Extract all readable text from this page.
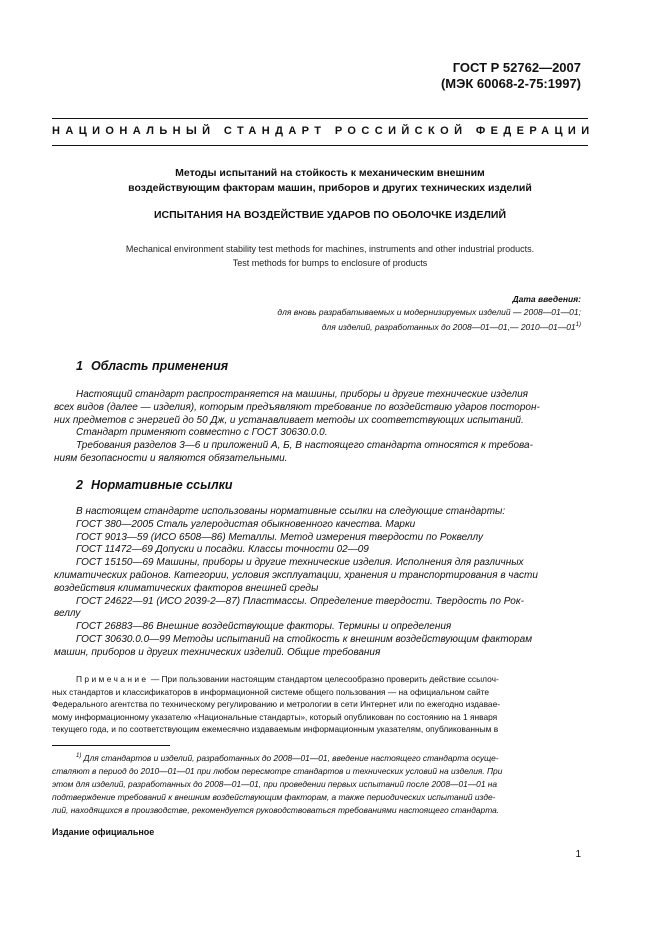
ГОСТ Р 52762—2007
(МЭК 60068-2-75:1997)
НАЦИОНАЛЬНЫЙ СТАНДАРТ РОССИЙСКОЙ ФЕДЕРАЦИИ
Методы испытаний на стойкость к механическим внешним
воздействующим факторам машин, приборов и других технических изделий
ИСПЫТАНИЯ НА ВОЗДЕЙСТВИЕ УДАРОВ ПО ОБОЛОЧКЕ ИЗДЕЛИЙ
Mechanical environment stability test methods for machines, instruments and other industrial products.
Test methods for bumps to enclosure of products
Дата введения:
для вновь разрабатываемых и модернизируемых изделий — 2008—01—01;
для изделий, разработанных до 2008—01—01,— 2010—01—01$^{1)}$
1 Область применения
Настоящий стандарт распространяется на машины, приборы и другие технические изделия
всех видов (далее — изделия), которым предъявляют требование по воздействию ударов посторон-
них предметов с энергией до 50 Дж, и устанавливает методы их соответствующих испытаний.
Стандарт применяют совместно с ГОСТ 30630.0.0.
Требования разделов 3—6 и приложений А, Б, В настоящего стандарта относятся к требова-
ниям безопасности и являются обязательными.
2 Нормативные ссылки
В настоящем стандарте использованы нормативные ссылки на следующие стандарты:
ГОСТ 380—2005 Сталь углеродистая обыкновенного качества. Марки
ГОСТ 9013—59 (ИСО 6508—86) Металлы. Метод измерения твердости по Роквеллу
ГОСТ 11472—69 Допуски и посадки. Классы точности 02—09
ГОСТ 15150—69 Машины, приборы и другие технические изделия. Исполнения для различных
климатических районов. Категории, условия эксплуатации, хранения и транспортирования в части
воздействия климатических факторов внешней среды
ГОСТ 24622—91 (ИСО 2039-2—87) Пластмассы. Определение твердости. Твердость по Рок-
веллу
ГОСТ 26883—86 Внешние воздействующие факторы. Термины и определения
ГОСТ 30630.0.0—99 Методы испытаний на стойкость к внешним воздействующим факторам
машин, приборов и других технических изделий. Общие требования
Примечание — При пользовании настоящим стандартом целесообразно проверить действие ссылоч-
ных стандартов и классификаторов в информационной системе общего пользования — на официальном сайте
Федерального агентства по техническому регулированию и метрологии в сети Интернет или по ежегодно издавае-
мому информационному указателю «Национальные стандарты», который опубликован по состоянию на 1 января
текущего года, и по соответствующим ежемесячно издаваемым информационным указателям, опубликованным в
$^{1)}$ Для стандартов и изделий, разработанных до 2008—01—01, введение настоящего стандарта осуще-
ствляют в период до 2010—01—01 при любом пересмотре стандартов и технических условий на изделия. При
этом для изделий, разработанных до 2008—01—01, при проведении первых испытаний после 2008—01—01 на
подтверждение требований к внешним воздействующим факторам, а также периодических испытаний изде-
лий, находящихся в производстве, рекомендуется руководствоваться требованиями настоящего стандарта.
Издание официальное
1
